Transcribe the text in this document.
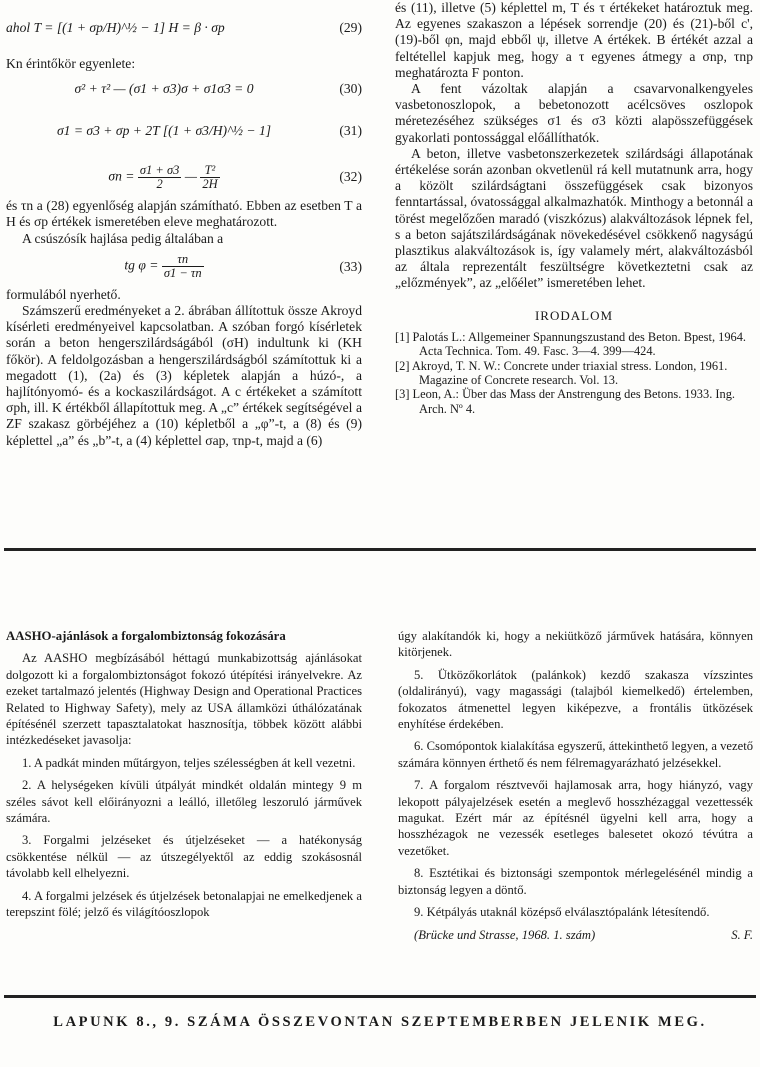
ahol T = [(1 + σp/H)^½ − 1] H = β · σp	(29)

Kn érintőkör egyenlete:

σ² + τ² — (σ1 + σ3)σ + σ1σ3 = 0	(30)
σ1 = σ3 + σp + 2T [(1 + σ3/H)^½ − 1]	(31)
$\sigma n = \frac{\sigma 1 + \sigma 3}{2}$ — $\frac{\text{T²}}{2H}$	(32)

és τn a (28) egyenlőség alapján számítható. Ebben az esetben T a H és σp értékek ismeretében eleve meghatározott.

A csúszósík hajlása pedig általában a

tg $\varphi = \frac{\tau n}{\sigma 1 - \tau n}$	(33)

formulából nyerhető.

Számszerű eredményeket a 2. ábrában állítottuk össze Akroyd kísérleti eredményeivel kapcsolatban. A szóban forgó kísérletek során a beton hengerszilárdságából (σH) indultunk ki (KH főkör). A feldolgozásban a hengerszilárdságból számítottuk ki a megadott (1), (2a) és (3) képletek alapján a húzó-, a hajlítónyomó- és a kockaszilárdságot. A c értékeket a számított σph, ill. K értékből állapítottuk meg. A „c” értékek segítségével a ZF szakasz görbéjéhez a (10) képletből a „φ”-t, a (8) és (9) képlettel „a” és „b”-t, a (4) képlettel σap, τnp-t, majd a (6)

és (11), illetve (5) képlettel m, T és τ értékeket határoztuk meg. Az egyenes szakaszon a lépések sorrendje (20) és (21)-ből c', (19)-ből φn, majd ebből ψ, illetve A értékek. B értékét azzal a feltétellel kapjuk meg, hogy a τ egyenes átmegy a σnp, τnp meghatározta F ponton.

A fent vázoltak alapján a csavarvonalkengyeles vasbetonoszlopok, a bebetonozott acélcsöves oszlopok méretezéséhez szükséges σ1 és σ3 közti alapösszefüggések gyakorlati pontossággal előállíthatók.

A beton, illetve vasbetonszerkezetek szilárdsági állapotának értékelése során azonban okvetlenül rá kell mutatnunk arra, hogy a közölt szilárdságtani összefüggések csak bizonyos fenntartással, óvatossággal alkalmazhatók. Minthogy a betonnál a törést megelőzően maradó (viszkózus) alakváltozások lépnek fel, s a beton sajátszilárdságának növekedésével csökkenő nagyságú plasztikus alakváltozások is, így valamely mért, alakváltozásból az általa reprezentált feszültségre következtetni csak az „előzmények”, az „előélet” ismeretében lehet.

IRODALOM

[1] Palotás L.: Allgemeiner Spannungszustand des Beton. Bpest, 1964. Acta Technica. Tom. 49. Fasc. 3—4. 399—424.

[2] Akroyd, T. N. W.: Concrete under triaxial stress. London, 1961. Magazine of Concrete research. Vol. 13.

[3] Leon, A.: Über das Mass der Anstrengung des Betons. 1933. Ing. Arch. Nº 4.

AASHO-ajánlások a forgalombiztonság fokozására

Az AASHO megbízásából héttagú munkabizottság ajánlásokat dolgozott ki a forgalombiztonságot fokozó útépítési irányelvekre. Az ezeket tartalmazó jelentés (Highway Design and Operational Practices Related to Highway Safety), mely az USA államközi úthálózatának építésénél szerzett tapasztalatokat hasznosítja, többek között alábbi intézkedéseket javasolja:

1. A padkát minden műtárgyon, teljes szélességben át kell vezetni.

2. A helységeken kívüli útpályát mindkét oldalán mintegy 9 m széles sávot kell előirányozni a leálló, illetőleg leszoruló járművek számára.

3. Forgalmi jelzéseket és útjelzéseket — a hatékonyság csökkentése nélkül — az útszegélyektől az eddig szokásosnál távolabb kell elhelyezni.

4. A forgalmi jelzések és útjelzések betonalapjai ne emelkedjenek a terepszint fölé; jelző és világítóoszlopok

úgy alakítandók ki, hogy a nekiütköző járművek hatására, könnyen kitörjenek.

5. Ütközőkorlátok (palánkok) kezdő szakasza vízszintes (oldalirányú), vagy magassági (talajból kiemelkedő) értelemben, fokozatos átmenettel legyen kiképezve, a frontális ütközések enyhítése érdekében.

6. Csomópontok kialakítása egyszerű, áttekinthető legyen, a vezető számára könnyen érthető és nem félremagyarázható jelzésekkel.

7. A forgalom résztvevői hajlamosak arra, hogy hiányzó, vagy lekopott pályajelzések esetén a meglevő hosszhézaggal vezettessék magukat. Ezért már az építésnél ügyelni kell arra, hogy a hosszhézagok ne vezessék esetleges balesetet okozó tévútra a vezetőket.

8. Esztétikai és biztonsági szempontok mérlegelésénél mindig a biztonság legyen a döntő.

9. Kétpályás utaknál középső elválasztópalánk létesítendő.

(Brücke und Strasse, 1968. 1. szám)	S. F.
LAPUNK 8., 9. SZÁMA ÖSSZEVONTAN SZEPTEMBERBEN JELENIK MEG.
